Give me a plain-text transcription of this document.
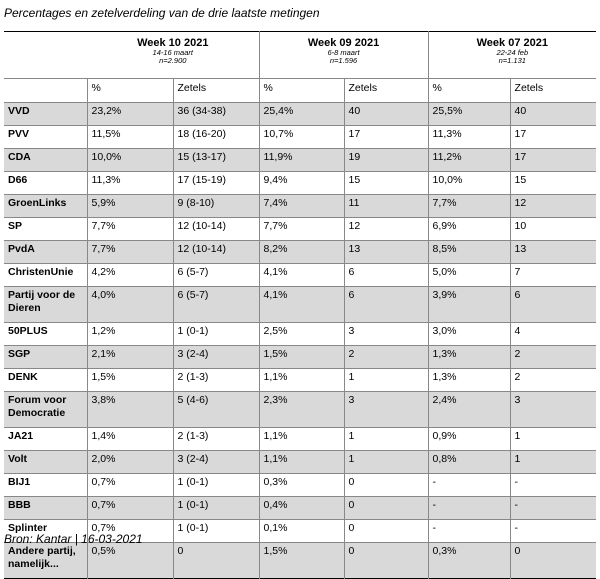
Percentages en zetelverdeling van de drie laatste metingen
	Week 10 2021
14-16 maart
n=2.900		Week 09 2021
6-8 maart
n=1.596		Week 07 2021
22-24 feb
n=1.131	

	%	Zetels	%	Zetels	%	Zetels
VVD	23,2%	36 (34-38)	25,4%	40	25,5%	40
PVV	11,5%	18 (16-20)	10,7%	17	11,3%	17
CDA	10,0%	15 (13-17)	11,9%	19	11,2%	17
D66	11,3%	17 (15-19)	9,4%	15	10,0%	15
GroenLinks	5,9%	9 (8-10)	7,4%	11	7,7%	12
SP	7,7%	12 (10-14)	7,7%	12	6,9%	10
PvdA	7,7%	12 (10-14)	8,2%	13	8,5%	13
ChristenUnie	4,2%	6 (5-7)	4,1%	6	5,0%	7
Partij voor de Dieren	4,0%	6 (5-7)	4,1%	6	3,9%	6
50PLUS	1,2%	1 (0-1)	2,5%	3	3,0%	4
SGP	2,1%	3 (2-4)	1,5%	2	1,3%	2
DENK	1,5%	2 (1-3)	1,1%	1	1,3%	2
Forum voor Democratie	3,8%	5 (4-6)	2,3%	3	2,4%	3
JA21	1,4%	2 (1-3)	1,1%	1	0,9%	1
Volt	2,0%	3 (2-4)	1,1%	1	0,8%	1
BIJ1	0,7%	1 (0-1)	0,3%	0	-	-
BBB	0,7%	1 (0-1)	0,4%	0	-	-
Splinter	0,7%	1 (0-1)	0,1%	0	-	-
Andere partij, namelijk...	0,5%	0	1,5%	0	0,3%	0
Bron: Kantar | 16-03-2021
